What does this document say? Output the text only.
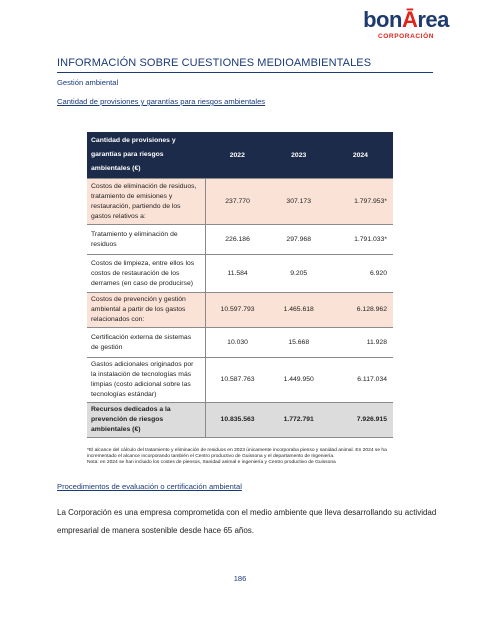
bonĀrea
CORPORACIÓN
INFORMACIÓN SOBRE CUESTIONES MEDIOAMBIENTALES
Gestión ambiental
Cantidad de provisiones y garantías para riesgos ambientales
Cantidad de provisiones y
garantías para riesgos
ambientales (€)	2022	2023	2024
Costos de eliminación de residuos, tratamiento de emisiones y restauración, partiendo de los gastos relativos a:	237.770	307.173	1.797.953*
Tratamiento y eliminación de residuos	226.186	297.968	1.791.033*
Costos de limpieza, entre ellos los costos de restauración de los derrames (en caso de producirse)	11.584	9.205	6.920
Costos de prevención y gestión ambiental a partir de los gastos relacionados con:	10.597.793	1.465.618	6.128.962
Certificación externa de sistemas de gestión	10.030	15.668	11.928
Gastos adicionales originados por la instalación de tecnologías más limpias (costo adicional sobre las tecnologías estándar)	10.587.763	1.449.950	6.117.034
Recursos dedicados a la prevención de riesgos ambientales (€)	10.835.563	1.772.791	7.926.915
*El alcance del cálculo del tratamiento y eliminación de residuos en 2023 únicamente incorporaba pienso y sanidad animal. En 2024 se ha incrementado el alcance incorporando también el Centro productivo de Guissona y el departamento de Ingeniería.
Nota: en 2024 se han incluido los costes de piensos, Sanidad animal e ingeniería y Centro productivo de Guissona
Procedimientos de evaluación o certificación ambiental
La Corporación es una empresa comprometida con el medio ambiente que lleva desarrollando su actividad empresarial de manera sostenible desde hace 65 años.
186
